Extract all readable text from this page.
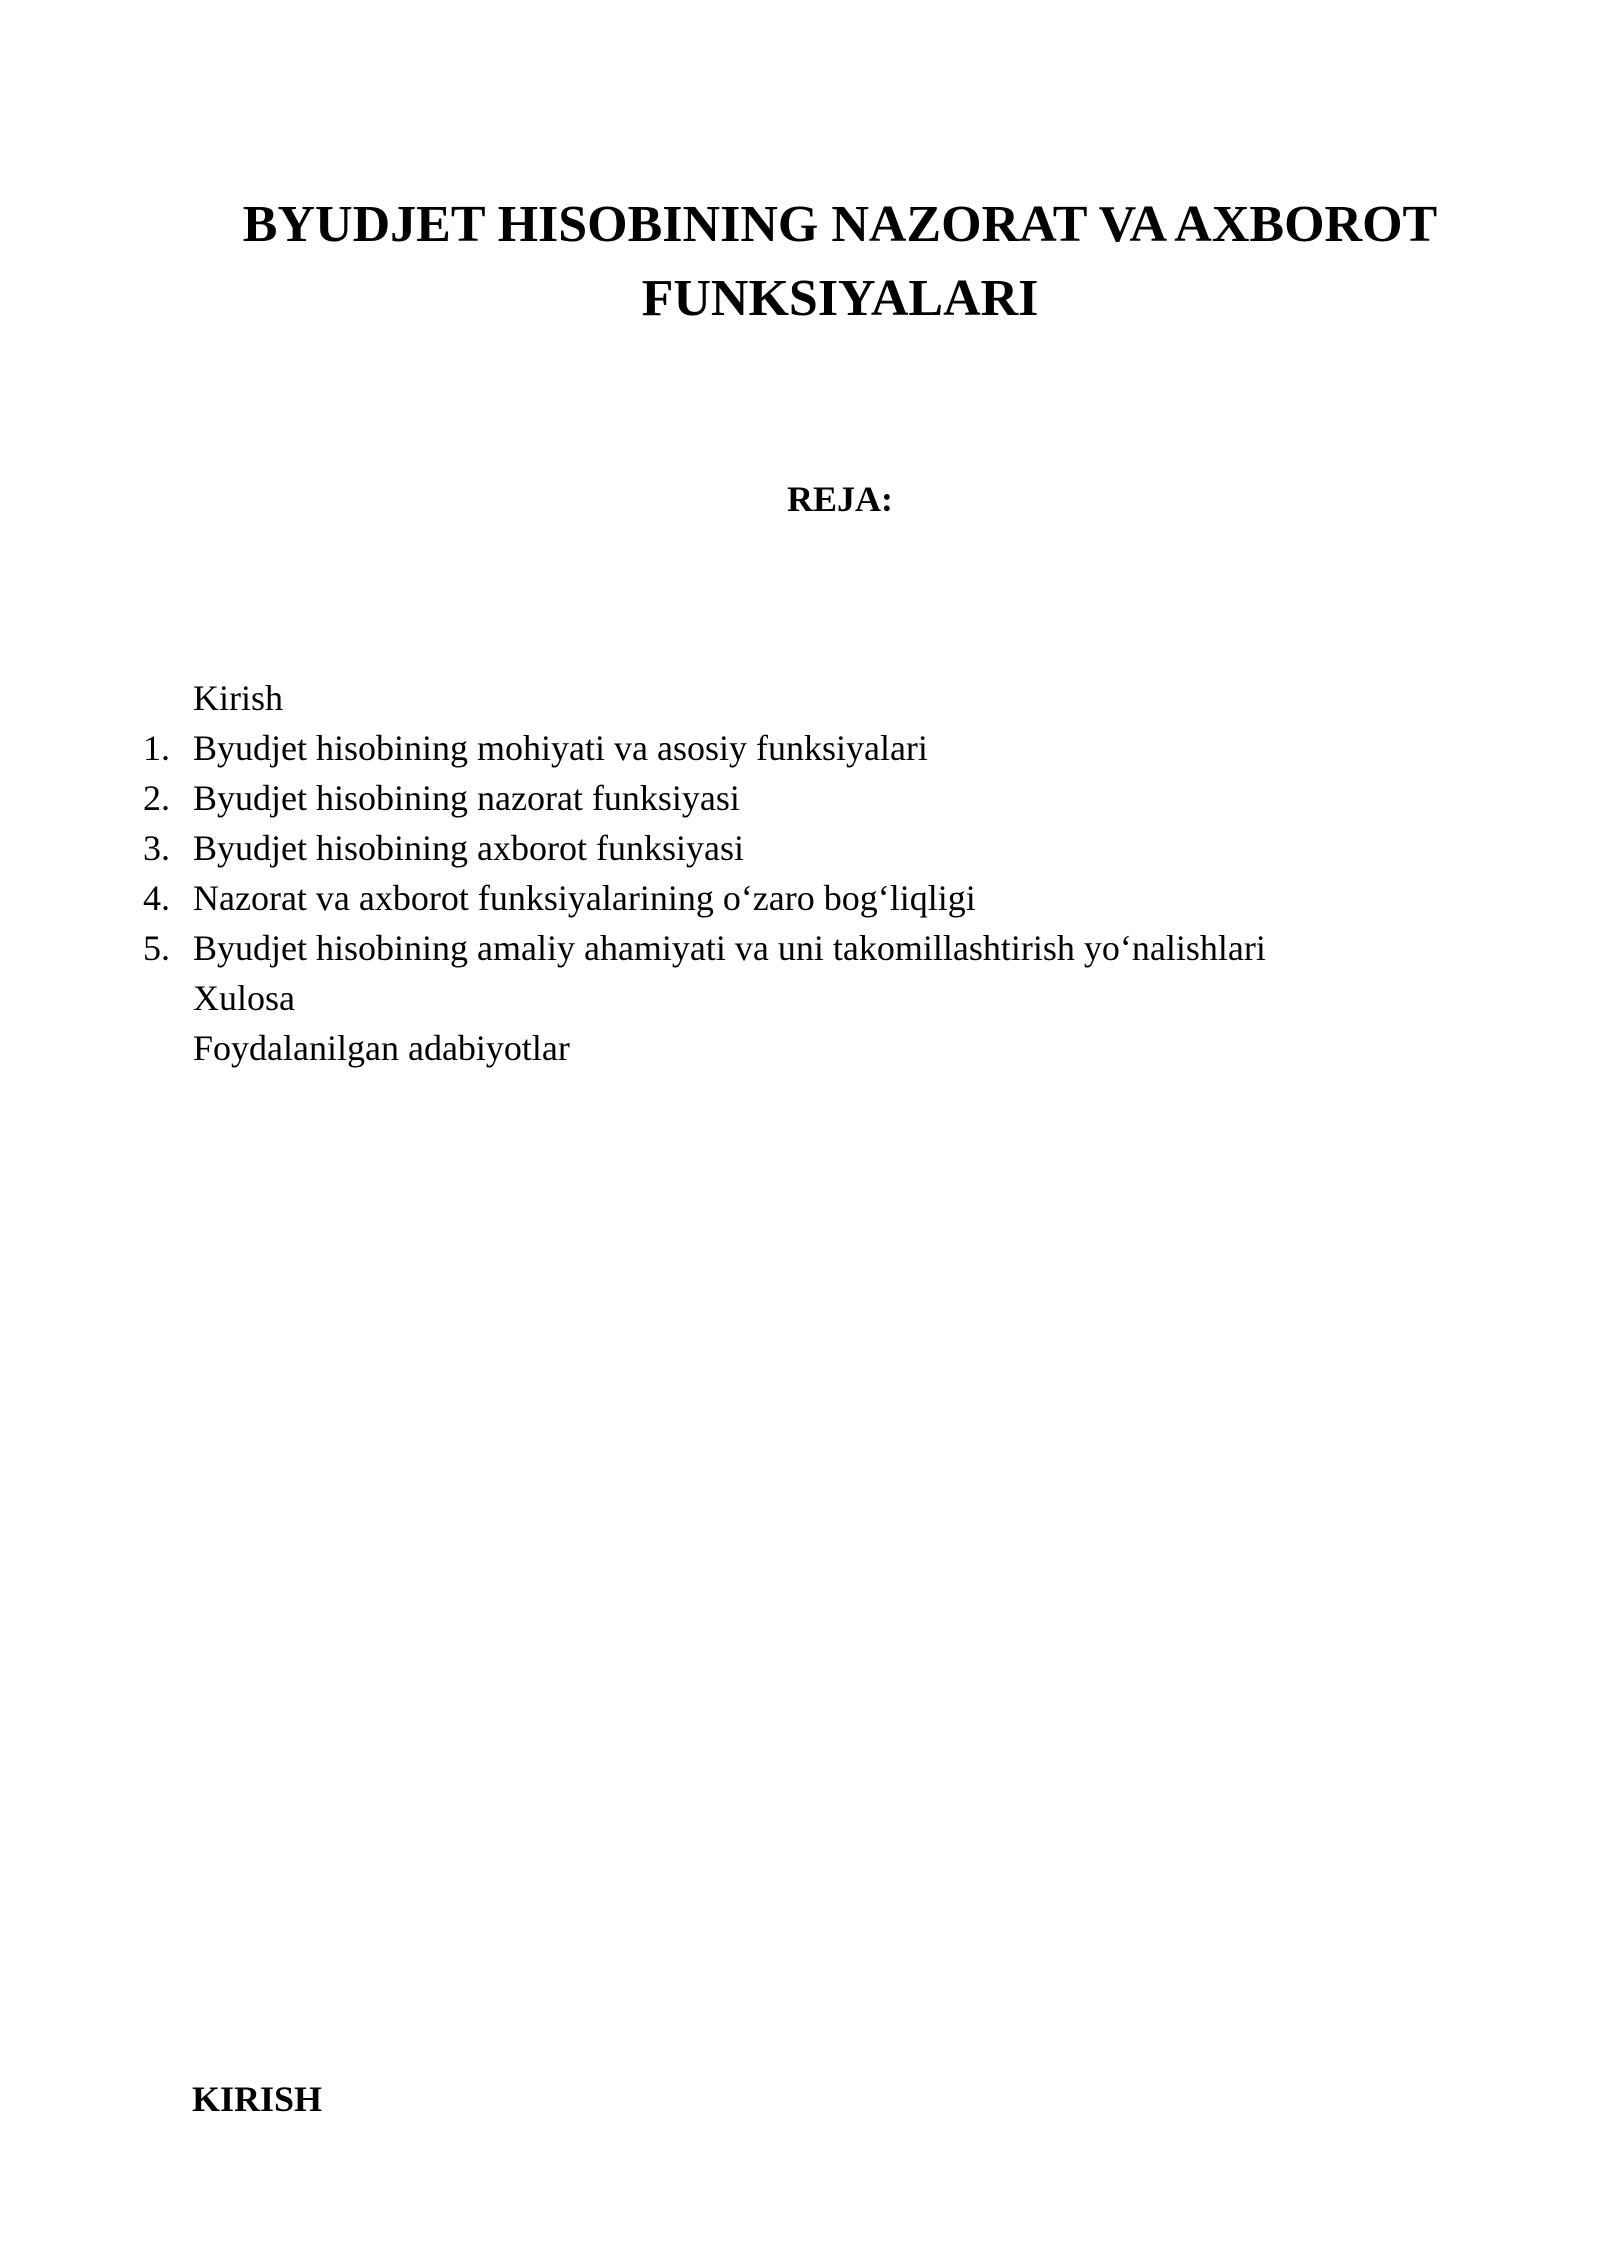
BYUDJET HISOBINING NAZORAT VA AXBOROT
FUNKSIYALARI
REJA:
Kirish
1. Byudjet hisobining mohiyati va asosiy funksiyalari
2. Byudjet hisobining nazorat funksiyasi
3. Byudjet hisobining axborot funksiyasi
4. Nazorat va axborot funksiyalarining o‘zaro bog‘liqligi
5. Byudjet hisobining amaliy ahamiyati va uni takomillashtirish yo‘nalishlari
Xulosa
Foydalanilgan adabiyotlar
KIRISH
